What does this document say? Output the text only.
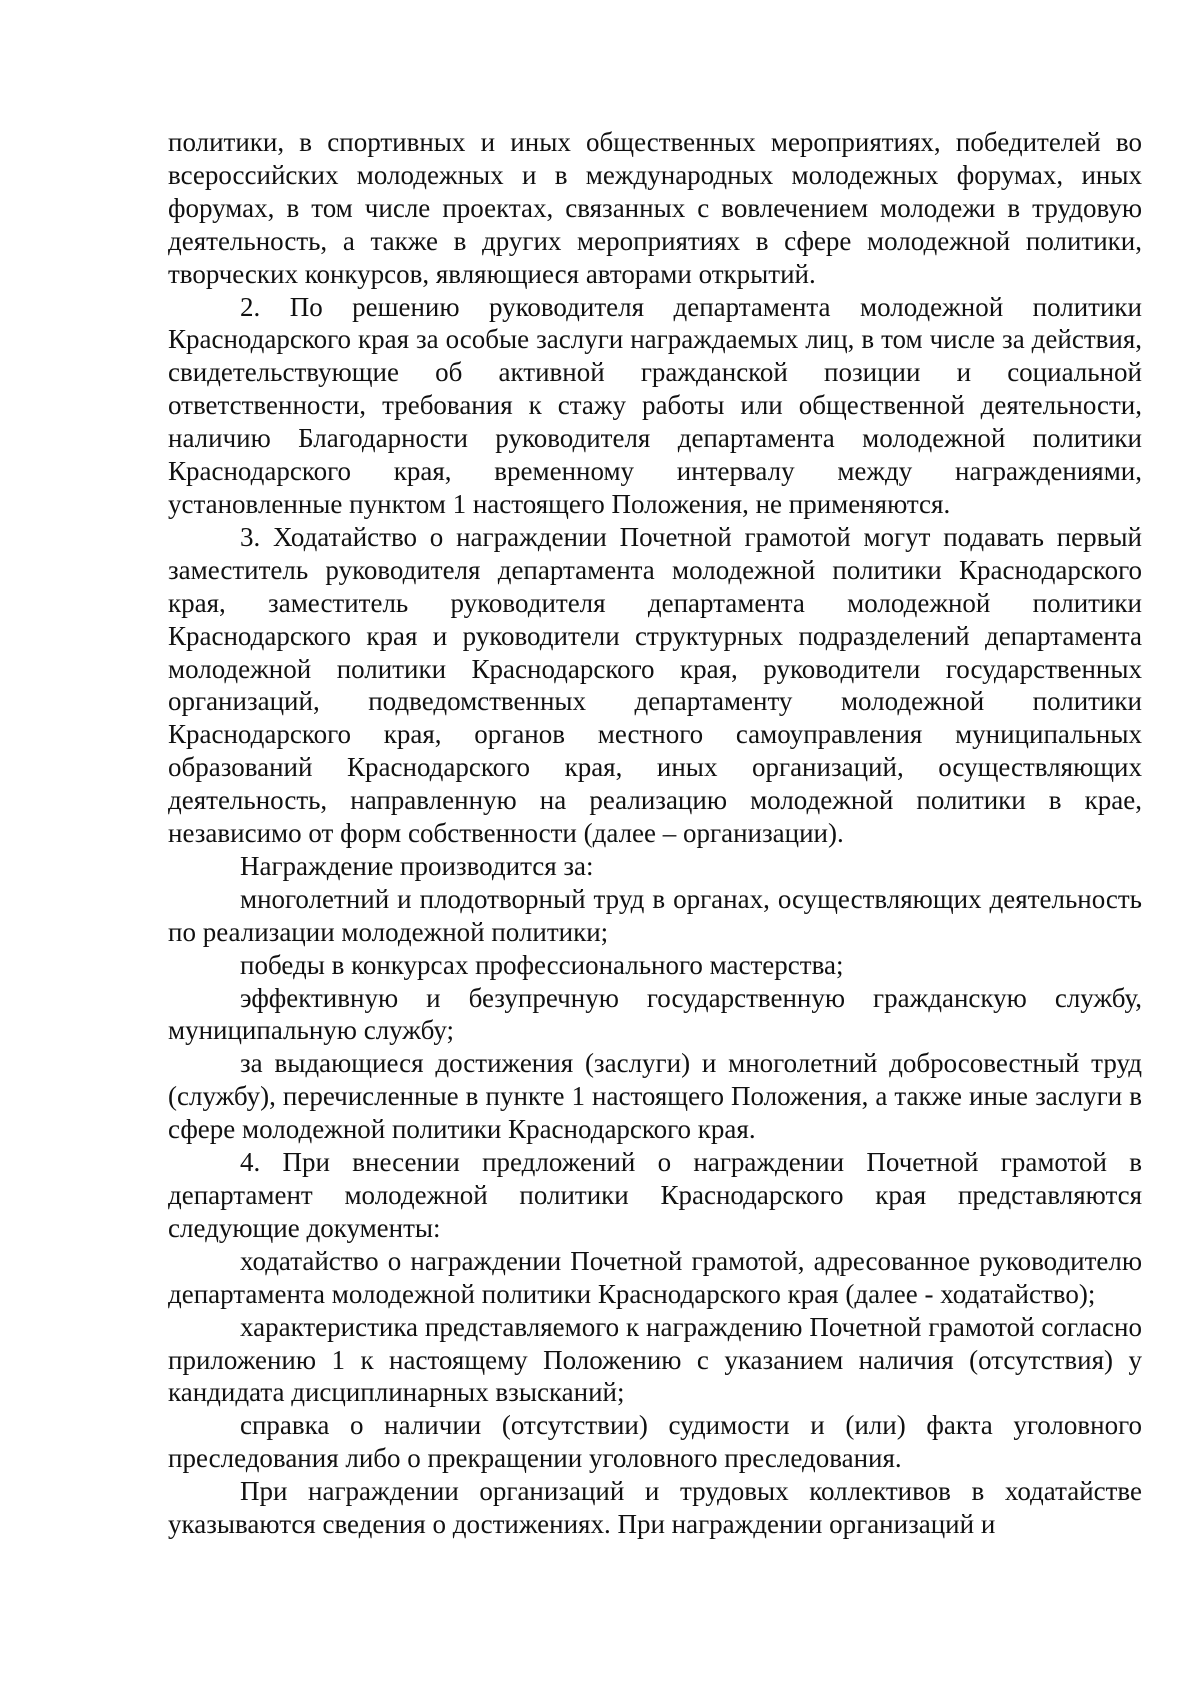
политики, в спортивных и иных общественных мероприятиях, победителей во всероссийских молодежных и в международных молодежных форумах, иных форумах, в том числе проектах, связанных с вовлечением молодежи в трудовую деятельность, а также в других мероприятиях в сфере молодежной политики, творческих конкурсов, являющиеся авторами открытий.

2. По решению руководителя департамента молодежной политики Краснодарского края за особые заслуги награждаемых лиц, в том числе за действия, свидетельствующие об активной гражданской позиции и социальной ответственности, требования к стажу работы или общественной деятельности, наличию Благодарности руководителя департамента молодежной политики Краснодарского края, временному интервалу между награждениями, установленные пунктом 1 настоящего Положения, не применяются.

3. Ходатайство о награждении Почетной грамотой могут подавать первый заместитель руководителя департамента молодежной политики Краснодарского края, заместитель руководителя департамента молодежной политики Краснодарского края и руководители структурных подразделений департамента молодежной политики Краснодарского края, руководители государственных организаций, подведомственных департаменту молодежной политики Краснодарского края, органов местного самоуправления муниципальных образований Краснодарского края, иных организаций, осуществляющих деятельность, направленную на реализацию молодежной политики в крае, независимо от форм собственности (далее – организации).

Награждение производится за:

многолетний и плодотворный труд в органах, осуществляющих деятельность по реализации молодежной политики;

победы в конкурсах профессионального мастерства;

эффективную и безупречную государственную гражданскую службу, муниципальную службу;

за выдающиеся достижения (заслуги) и многолетний добросовестный труд (службу), перечисленные в пункте 1 настоящего Положения, а также иные заслуги в сфере молодежной политики Краснодарского края.

4. При внесении предложений о награждении Почетной грамотой в департамент молодежной политики Краснодарского края представляются следующие документы:

ходатайство о награждении Почетной грамотой, адресованное руководителю департамента молодежной политики Краснодарского края (далее - ходатайство);

характеристика представляемого к награждению Почетной грамотой согласно приложению 1 к настоящему Положению с указанием наличия (отсутствия) у кандидата дисциплинарных взысканий;

справка о наличии (отсутствии) судимости и (или) факта уголовного преследования либо о прекращении уголовного преследования.

При награждении организаций и трудовых коллективов в ходатайстве указываются сведения о достижениях. При награждении организаций и
